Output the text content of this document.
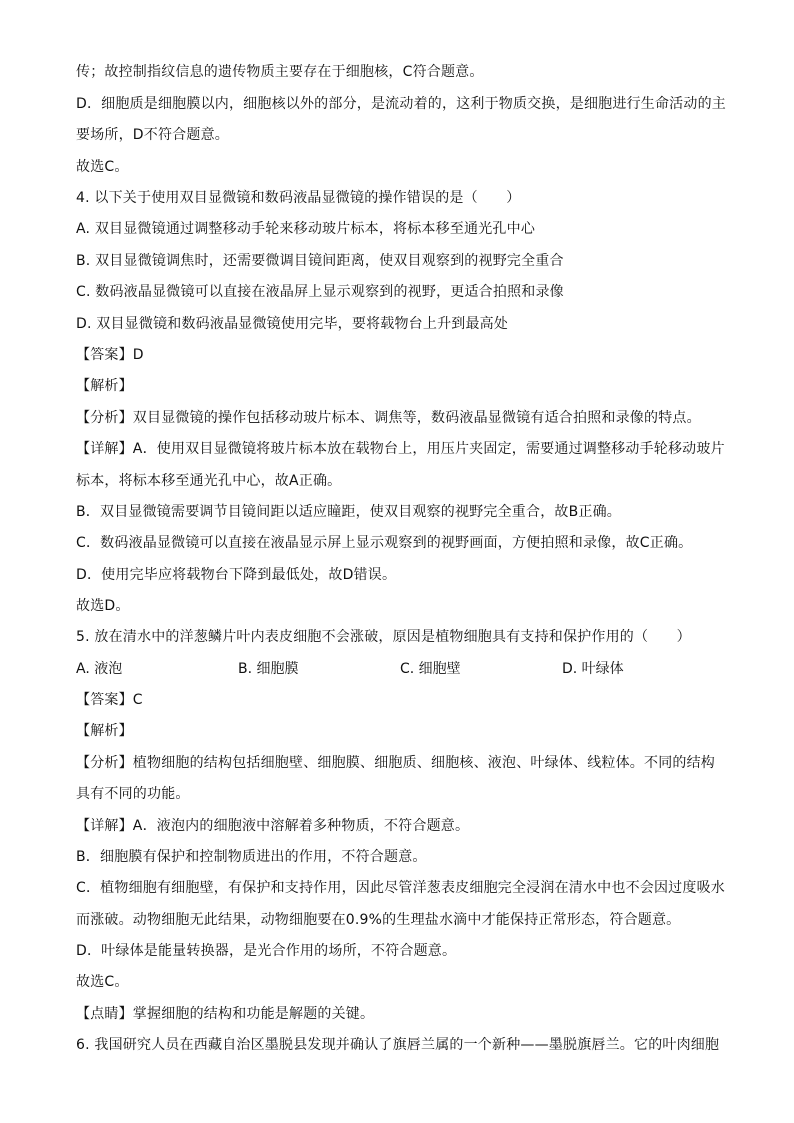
传；故控制指纹信息的遗传物质主要存在于细胞核，C符合题意。
D．细胞质是细胞膜以内，细胞核以外的部分，是流动着的，这利于物质交换，是细胞进行生命活动的主
要场所，D不符合题意。
故选C。
4. 以下关于使用双目显微镜和数码液晶显微镜的操作错误的是（　　）
A. 双目显微镜通过调整移动手轮来移动玻片标本，将标本移至通光孔中心
B. 双目显微镜调焦时，还需要微调目镜间距离，使双目观察到的视野完全重合
C. 数码液晶显微镜可以直接在液晶屏上显示观察到的视野，更适合拍照和录像
D. 双目显微镜和数码液晶显微镜使用完毕，要将载物台上升到最高处
【答案】D
【解析】
【分析】双目显微镜的操作包括移动玻片标本、调焦等，数码液晶显微镜有适合拍照和录像的特点。
【详解】A．使用双目显微镜将玻片标本放在载物台上，用压片夹固定，需要通过调整移动手轮移动玻片
标本，将标本移至通光孔中心，故A正确。
B．双目显微镜需要调节目镜间距以适应瞳距，使双目观察的视野完全重合，故B正确。
C．数码液晶显微镜可以直接在液晶显示屏上显示观察到的视野画面，方便拍照和录像，故C正确。
D．使用完毕应将载物台下降到最低处，故D错误。
故选D。
5. 放在清水中的洋葱鳞片叶内表皮细胞不会涨破，原因是植物细胞具有支持和保护作用的（　　）
A. 液泡	B. 细胞膜	C. 细胞壁	D. 叶绿体
【答案】C
【解析】
【分析】植物细胞的结构包括细胞壁、细胞膜、细胞质、细胞核、液泡、叶绿体、线粒体。不同的结构
具有不同的功能。
【详解】A．液泡内的细胞液中溶解着多种物质，不符合题意。
B．细胞膜有保护和控制物质进出的作用，不符合题意。
C．植物细胞有细胞壁，有保护和支持作用，因此尽管洋葱表皮细胞完全浸润在清水中也不会因过度吸水
而涨破。动物细胞无此结果，动物细胞要在0.9%的生理盐水滴中才能保持正常形态，符合题意。
D．叶绿体是能量转换器，是光合作用的场所，不符合题意。
故选C。
【点睛】掌握细胞的结构和功能是解题的关键。
6. 我国研究人员在西藏自治区墨脱县发现并确认了旗唇兰属的一个新种——墨脱旗唇兰。它的叶肉细胞
